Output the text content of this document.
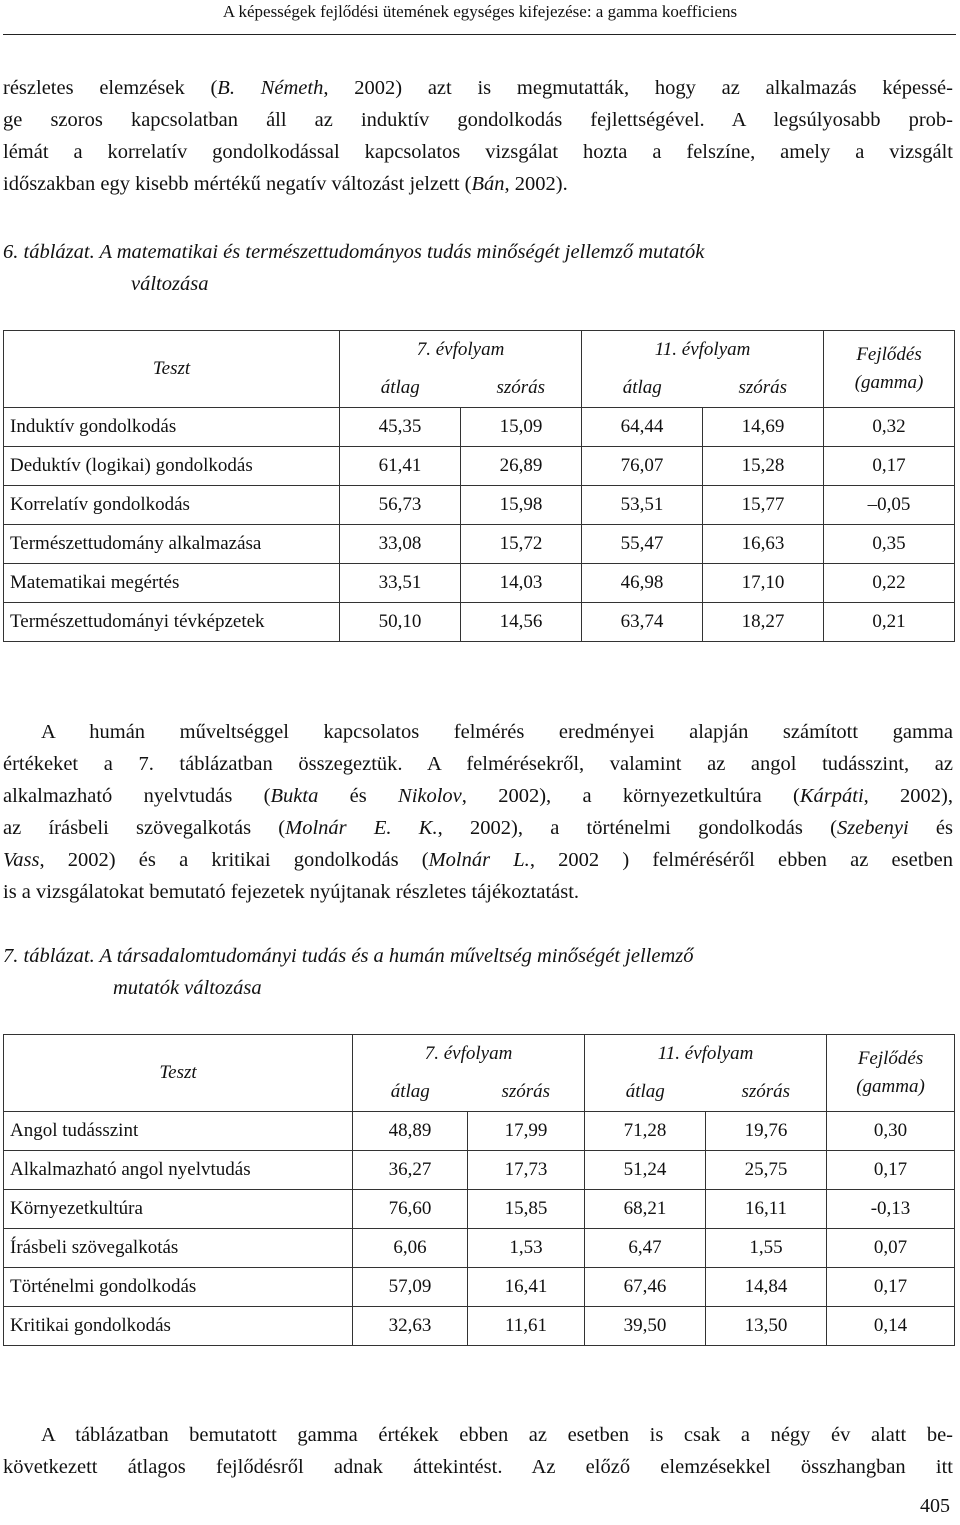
A képességek fejlődési ütemének egységes kifejezése: a gamma koefficiens

részletes elemzések (B. Németh, 2002) azt is megmutatták, hogy az alkalmazás képessé-
ge szoros kapcsolatban áll az induktív gondolkodás fejlettségével. A legsúlyosabb prob-
lémát a korrelatív gondolkodással kapcsolatos vizsgálat hozta a felszíne, amely a vizsgált
időszakban egy kisebb mértékű negatív változást jelzett (Bán, 2002).

6. táblázat. A matematikai és természettudományos tudás minőségét jellemző mutatók
változása
Teszt	7. évfolyam		11. évfolyam		Fejlődés
(gamma)
	átlag	szórás	átlag	szórás	
Induktív gondolkodás	45,35	15,09	64,44	14,69	0,32
Deduktív (logikai) gondolkodás	61,41	26,89	76,07	15,28	0,17
Korrelatív gondolkodás	56,73	15,98	53,51	15,77	–0,05
Természettudomány alkalmazása	33,08	15,72	55,47	16,63	0,35
Matematikai megértés	33,51	14,03	46,98	17,10	0,22
Természettudományi tévképzetek	50,10	14,56	63,74	18,27	0,21

A humán műveltséggel kapcsolatos felmérés eredményei alapján számított gamma
értékeket a 7. táblázatban összegeztük. A felmérésekről, valamint az angol tudásszint, az
alkalmazható nyelvtudás (Bukta és Nikolov, 2002), a környezetkultúra (Kárpáti, 2002),
az írásbeli szövegalkotás (Molnár E. K., 2002), a történelmi gondolkodás (Szebenyi és
Vass, 2002) és a kritikai gondolkodás (Molnár L., 2002 ) felméréséről ebben az esetben
is a vizsgálatokat bemutató fejezetek nyújtanak részletes tájékoztatást.

7. táblázat. A társadalomtudományi tudás és a humán műveltség minőségét jellemző
mutatók változása
Teszt	7. évfolyam		11. évfolyam		Fejlődés
(gamma)
	átlag	szórás	átlag	szórás	
Angol tudásszint	48,89	17,99	71,28	19,76	0,30
Alkalmazható angol nyelvtudás	36,27	17,73	51,24	25,75	0,17
Környezetkultúra	76,60	15,85	68,21	16,11	-0,13
Írásbeli szövegalkotás	6,06	1,53	6,47	1,55	0,07
Történelmi gondolkodás	57,09	16,41	67,46	14,84	0,17
Kritikai gondolkodás	32,63	11,61	39,50	13,50	0,14

A táblázatban bemutatott gamma értékek ebben az esetben is csak a négy év alatt be-
következett átlagos fejlődésről adnak áttekintést. Az előző elemzésekkel összhangban itt

405
